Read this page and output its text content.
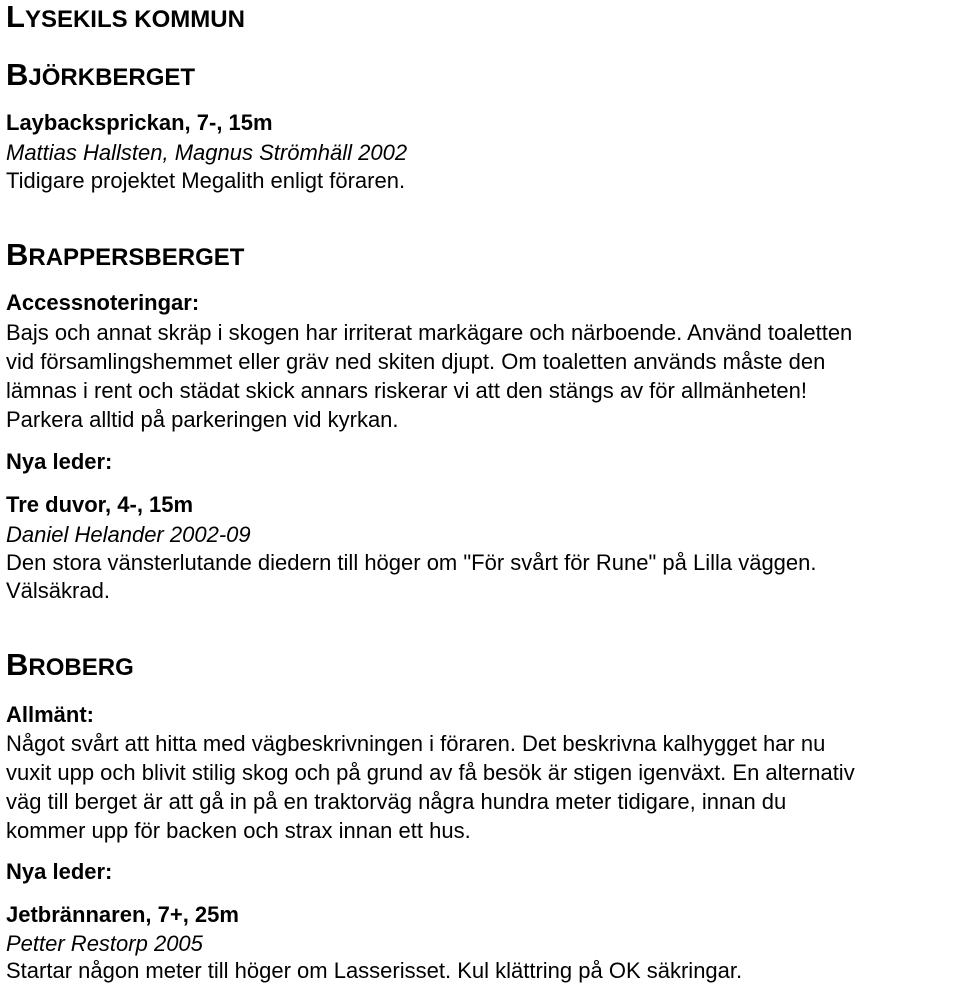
LYSEKILS KOMMUN
BJÖRKBERGET

Laybacksprickan, 7-, 15m

Mattias Hallsten, Magnus Strömhäll 2002

Tidigare projektet Megalith enligt föraren.

BRAPPERSBERGET

Accessnoteringar:

Bajs och annat skräp i skogen har irriterat markägare och närboende. Använd toaletten

vid församlingshemmet eller gräv ned skiten djupt. Om toaletten används måste den

lämnas i rent och städat skick annars riskerar vi att den stängs av för allmänheten!

Parkera alltid på parkeringen vid kyrkan.

Nya leder:

Tre duvor, 4-, 15m

Daniel Helander 2002-09

Den stora vänsterlutande diedern till höger om "För svårt för Rune" på Lilla väggen.

Välsäkrad.

BROBERG

Allmänt:

Något svårt att hitta med vägbeskrivningen i föraren. Det beskrivna kalhygget har nu

vuxit upp och blivit stilig skog och på grund av få besök är stigen igenväxt. En alternativ

väg till berget är att gå in på en traktorväg några hundra meter tidigare, innan du

kommer upp för backen och strax innan ett hus.

Nya leder:

Jetbrännaren, 7+, 25m

Petter Restorp 2005

Startar någon meter till höger om Lasserisset. Kul klättring på OK säkringar.
